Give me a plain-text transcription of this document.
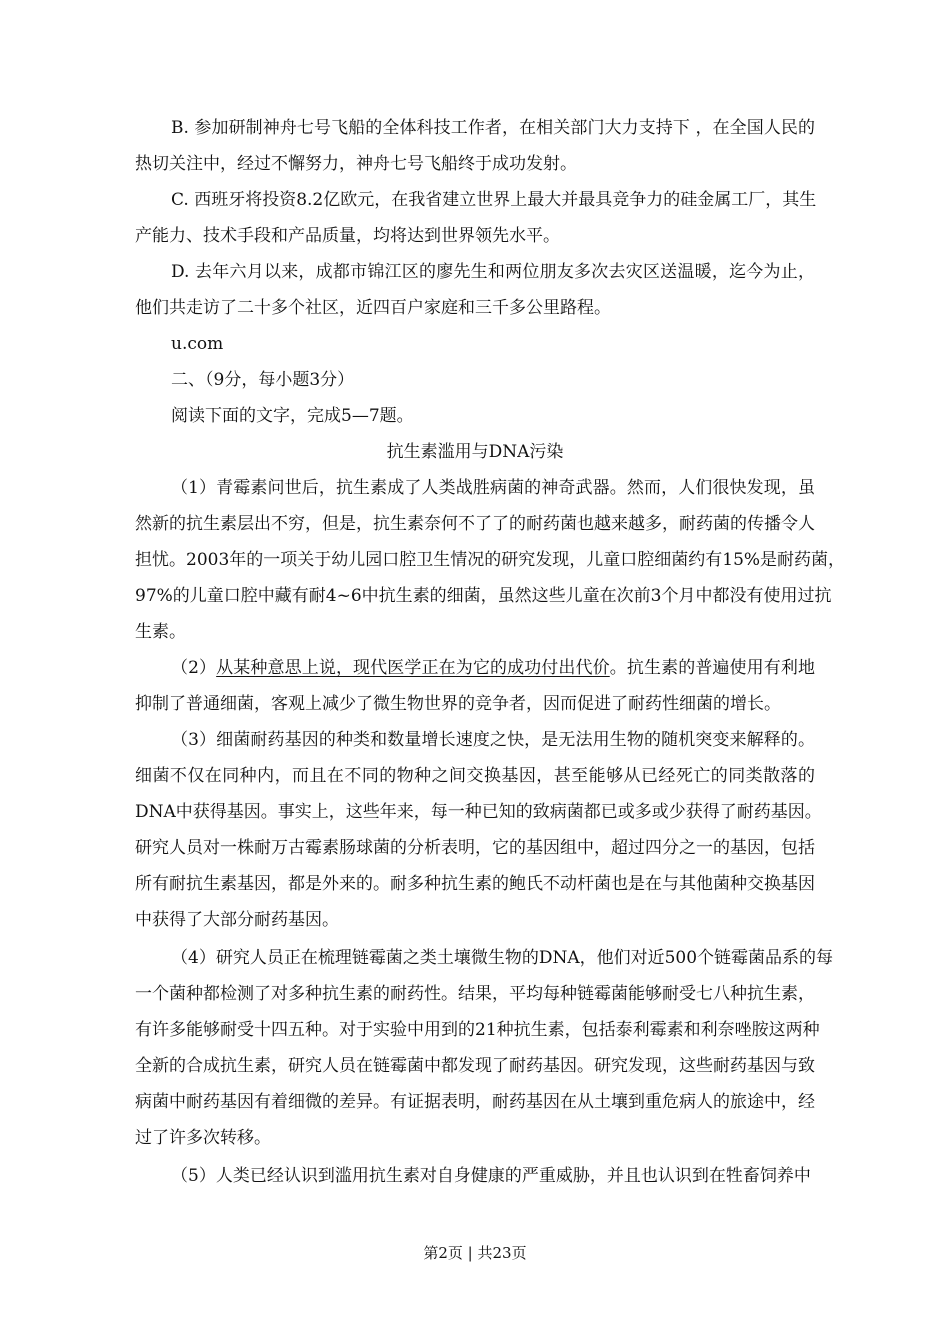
B. 参加研制神舟七号飞船的全体科技工作者，在相关部门大力支持下 ，在全国人民的
热切关注中，经过不懈努力，神舟七号飞船终于成功发射。
C. 西班牙将投资8.2亿欧元，在我省建立世界上最大并最具竞争力的硅金属工厂，其生
产能力、技术手段和产品质量，均将达到世界领先水平。
D. 去年六月以来，成都市锦江区的廖先生和两位朋友多次去灾区送温暖，迄今为止，
他们共走访了二十多个社区，近四百户家庭和三千多公里路程。
u.com
二、（9分，每小题3分）
阅读下面的文字，完成5—7题。
抗生素滥用与DNA污染
（1）青霉素问世后，抗生素成了人类战胜病菌的神奇武器。然而，人们很快发现，虽
然新的抗生素层出不穷，但是，抗生素奈何不了了的耐药菌也越来越多，耐药菌的传播令人
担忧。2003年的一项关于幼儿园口腔卫生情况的研究发现，儿童口腔细菌约有15%是耐药菌，
97%的儿童口腔中藏有耐4~6中抗生素的细菌，虽然这些儿童在次前3个月中都没有使用过抗
生素。
（2）从某种意思上说，现代医学正在为它的成功付出代价。抗生素的普遍使用有利地
抑制了普通细菌，客观上减少了微生物世界的竞争者，因而促进了耐药性细菌的增长。
（3）细菌耐药基因的种类和数量增长速度之快，是无法用生物的随机突变来解释的。
细菌不仅在同种内，而且在不同的物种之间交换基因，甚至能够从已经死亡的同类散落的
DNA中获得基因。事实上，这些年来，每一种已知的致病菌都已或多或少获得了耐药基因。
研究人员对一株耐万古霉素肠球菌的分析表明，它的基因组中，超过四分之一的基因，包括
所有耐抗生素基因，都是外来的。耐多种抗生素的鲍氏不动杆菌也是在与其他菌种交换基因
中获得了大部分耐药基因。
（4）研究人员正在梳理链霉菌之类土壤微生物的DNA，他们对近500个链霉菌品系的每
一个菌种都检测了对多种抗生素的耐药性。结果，平均每种链霉菌能够耐受七八种抗生素，
有许多能够耐受十四五种。对于实验中用到的21种抗生素，包括泰利霉素和利奈唑胺这两种
全新的合成抗生素，研究人员在链霉菌中都发现了耐药基因。研究发现，这些耐药基因与致
病菌中耐药基因有着细微的差异。有证据表明，耐药基因在从土壤到重危病人的旅途中，经
过了许多次转移。
（5）人类已经认识到滥用抗生素对自身健康的严重威胁，并且也认识到在牲畜饲养中
第2页 | 共23页
